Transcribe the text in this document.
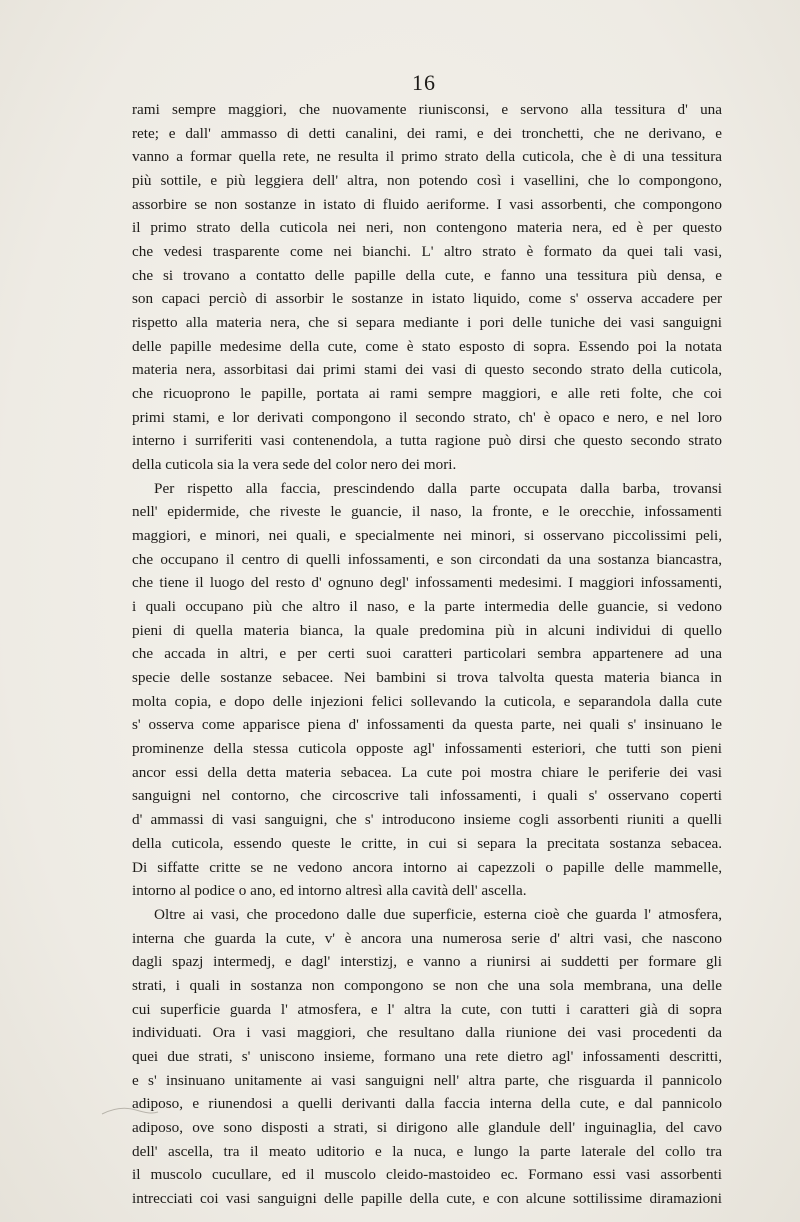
16
rami sempre maggiori, che nuovamente riunisconsi, e servono alla tessitura d' una
rete; e dall' ammasso di detti canalini, dei rami, e dei tronchetti, che ne derivano, e
vanno a formar quella rete, ne resulta il primo strato della cuticola, che è di una tessitura
più sottile, e più leggiera dell' altra, non potendo così i vasellini, che lo compongono,
assorbire se non sostanze in istato di fluido aeriforme. I vasi assorbenti, che compongono
il primo strato della cuticola nei neri, non contengono materia nera, ed è per questo
che vedesi trasparente come nei bianchi. L' altro strato è formato da quei tali vasi,
che si trovano a contatto delle papille della cute, e fanno una tessitura più densa, e
son capaci perciò di assorbir le sostanze in istato liquido, come s' osserva accadere per
rispetto alla materia nera, che si separa mediante i pori delle tuniche dei vasi sanguigni
delle papille medesime della cute, come è stato esposto di sopra. Essendo poi la notata
materia nera, assorbitasi dai primi stami dei vasi di questo secondo strato della cuticola,
che ricuoprono le papille, portata ai rami sempre maggiori, e alle reti folte, che coi
primi stami, e lor derivati compongono il secondo strato, ch' è opaco e nero, e nel loro
interno i surriferiti vasi contenendola, a tutta ragione può dirsi che questo secondo strato
della cuticola sia la vera sede del color nero dei mori.
Per rispetto alla faccia, prescindendo dalla parte occupata dalla barba, trovansi
nell' epidermide, che riveste le guancie, il naso, la fronte, e le orecchie, infossamenti
maggiori, e minori, nei quali, e specialmente nei minori, si osservano piccolissimi peli,
che occupano il centro di quelli infossamenti, e son circondati da una sostanza biancastra,
che tiene il luogo del resto d' ognuno degl' infossamenti medesimi. I maggiori infossamenti,
i quali occupano più che altro il naso, e la parte intermedia delle guancie, si vedono
pieni di quella materia bianca, la quale predomina più in alcuni individui di quello
che accada in altri, e per certi suoi caratteri particolari sembra appartenere ad una
specie delle sostanze sebacee. Nei bambini si trova talvolta questa materia bianca in
molta copia, e dopo delle injezioni felici sollevando la cuticola, e separandola dalla cute
s' osserva come apparisce piena d' infossamenti da questa parte, nei quali s' insinuano le
prominenze della stessa cuticola opposte agl' infossamenti esteriori, che tutti son pieni
ancor essi della detta materia sebacea. La cute poi mostra chiare le periferie dei vasi
sanguigni nel contorno, che circoscrive tali infossamenti, i quali s' osservano coperti
d' ammassi di vasi sanguigni, che s' introducono insieme cogli assorbenti riuniti a quelli
della cuticola, essendo queste le critte, in cui si separa la precitata sostanza sebacea.
Di siffatte critte se ne vedono ancora intorno ai capezzoli o papille delle mammelle,
intorno al podice o ano, ed intorno altresì alla cavità dell' ascella.
Oltre ai vasi, che procedono dalle due superficie, esterna cioè che guarda l' atmosfera,
interna che guarda la cute, v' è ancora una numerosa serie d' altri vasi, che nascono
dagli spazj intermedj, e dagl' interstizj, e vanno a riunirsi ai suddetti per formare gli
strati, i quali in sostanza non compongono se non che una sola membrana, una delle
cui superficie guarda l' atmosfera, e l' altra la cute, con tutti i caratteri già di sopra
individuati. Ora i vasi maggiori, che resultano dalla riunione dei vasi procedenti da
quei due strati, s' uniscono insieme, formano una rete dietro agl' infossamenti descritti,
e s' insinuano unitamente ai vasi sanguigni nell' altra parte, che risguarda il pannicolo
adiposo, e riunendosi a quelli derivanti dalla faccia interna della cute, e dal pannicolo
adiposo, ove sono disposti a strati, si dirigono alle glandule dell' inguinaglia, del cavo
dell' ascella, tra il meato uditorio e la nuca, e lungo la parte laterale del collo tra
il muscolo cucullare, ed il muscolo cleido-mastoideo ec. Formano essi vasi assorbenti
intrecciati coi vasi sanguigni delle papille della cute, e con alcune sottilissime diramazioni
